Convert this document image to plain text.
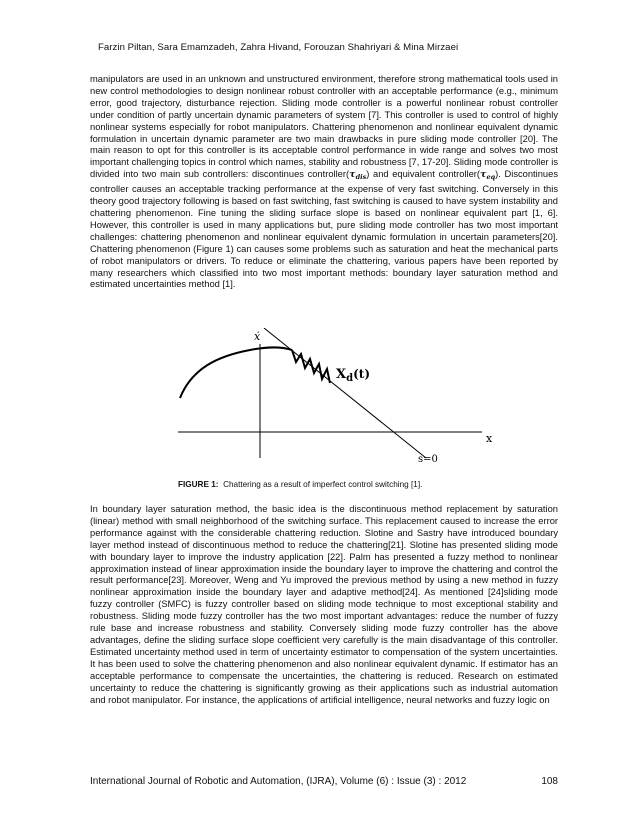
Farzin Piltan, Sara Emamzadeh, Zahra Hivand, Forouzan Shahriyari & Mina Mirzaei

manipulators are used in an unknown and unstructured environment, therefore strong mathematical tools used in new control methodologies to design nonlinear robust controller with an acceptable performance (e.g., minimum error, good trajectory, disturbance rejection. Sliding mode controller is a powerful nonlinear robust controller under condition of partly uncertain dynamic parameters of system [7]. This controller is used to control of highly nonlinear systems especially for robot manipulators. Chattering phenomenon and nonlinear equivalent dynamic formulation in uncertain dynamic parameter are two main drawbacks in pure sliding mode controller [20]. The main reason to opt for this controller is its acceptable control performance in wide range and solves two most important challenging topics in control which names, stability and robustness [7, 17-20]. Sliding mode controller is divided into two main sub controllers: discontinues $controller(\tau_{dis})$ and equivalent $controller(\tau_{eq})$. Discontinues controller causes an acceptable tracking performance at the expense of very fast switching. Conversely in this theory good trajectory following is based on fast switching, fast switching is caused to have system instability and chattering phenomenon. Fine tuning the sliding surface slope is based on nonlinear equivalent part [1, 6]. However, this controller is used in many applications but, pure sliding mode controller has two most important challenges: chattering phenomenon and nonlinear equivalent dynamic formulation in uncertain parameters[20]. Chattering phenomenon (Figure 1) can causes some problems such as saturation and heat the mechanical parts of robot manipulators or drivers. To reduce or eliminate the chattering, various papers have been reported by many researchers which classified into two most important methods: boundary layer saturation method and estimated uncertainties method [1].

ẋ
x
$X_d(t)$
s=0
FIGURE 1: Chattering as a result of imperfect control switching [1].

In boundary layer saturation method, the basic idea is the discontinuous method replacement by saturation (linear) method with small neighborhood of the switching surface. This replacement caused to increase the error performance against with the considerable chattering reduction. Slotine and Sastry have introduced boundary layer method instead of discontinuous method to reduce the chattering[21]. Slotine has presented sliding mode with boundary layer to improve the industry application [22]. Palm has presented a fuzzy method to nonlinear approximation instead of linear approximation inside the boundary layer to improve the chattering and control the result performance[23]. Moreover, Weng and Yu improved the previous method by using a new method in fuzzy nonlinear approximation inside the boundary layer and adaptive method[24]. As mentioned [24]sliding mode fuzzy controller (SMFC) is fuzzy controller based on sliding mode technique to most exceptional stability and robustness. Sliding mode fuzzy controller has the two most important advantages: reduce the number of fuzzy rule base and increase robustness and stability. Conversely sliding mode fuzzy controller has the above advantages, define the sliding surface slope coefficient very carefully is the main disadvantage of this controller. Estimated uncertainty method used in term of uncertainty estimator to compensation of the system uncertainties. It has been used to solve the chattering phenomenon and also nonlinear equivalent dynamic. If estimator has an acceptable performance to compensate the uncertainties, the chattering is reduced. Research on estimated uncertainty to reduce the chattering is significantly growing as their applications such as industrial automation and robot manipulator. For instance, the applications of artificial intelligence, neural networks and fuzzy logic on

International Journal of Robotic and Automation, (IJRA), Volume (6) : Issue (3) : 2012	108
